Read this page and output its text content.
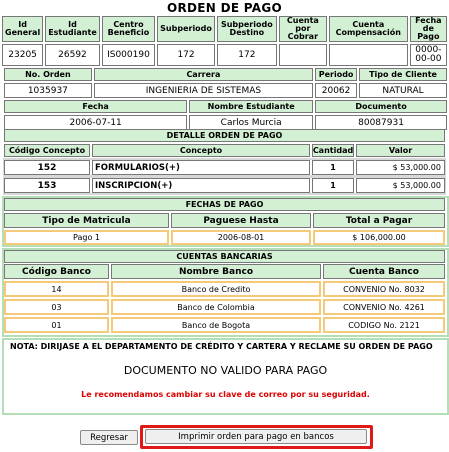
ORDEN DE PAGO
Id General	Id Estudiante	Centro Beneficio	Subperiodo	Subperiodo Destino	Cuenta por Cobrar	Cuenta Compensación	Fecha de Pago
23205	26592	IS000190	172	172			0000-00-00
No. Orden	Carrera		Periodo	Tipo de Cliente
1035937	INGENIERIA DE SISTEMAS		20062	NATURAL
Fecha		Nombre Estudiante	Documento	
2006-07-11		Carlos Murcia	80087931	
DETALLE ORDEN DE PAGO
Código Concepto	Concepto	Cantidad	Valor
152	FORMULARIOS(+)	1	$ 53,000.00
153	INSCRIPCION(+)	1	$ 53,000.00
FECHAS DE PAGO
Tipo de Matricula	Paguese Hasta	Total a Pagar
Pago 1	2006-08-01	$ 106,000.00
CUENTAS BANCARIAS
Código Banco	Nombre Banco	Cuenta Banco
14	Banco de Credito	CONVENIO No. 8032
03	Banco de Colombia	CONVENIO No. 4261
01	Banco de Bogota	CODIGO No. 2121
NOTA: DIRIJASE A EL DEPARTAMENTO DE CRÉDITO Y CARTERA Y RECLAME SU ORDEN DE PAGO
DOCUMENTO NO VALIDO PARA PAGO
Le recomendamos cambiar su clave de correo por su seguridad.
Regresar	Imprimir orden para pago en bancos
